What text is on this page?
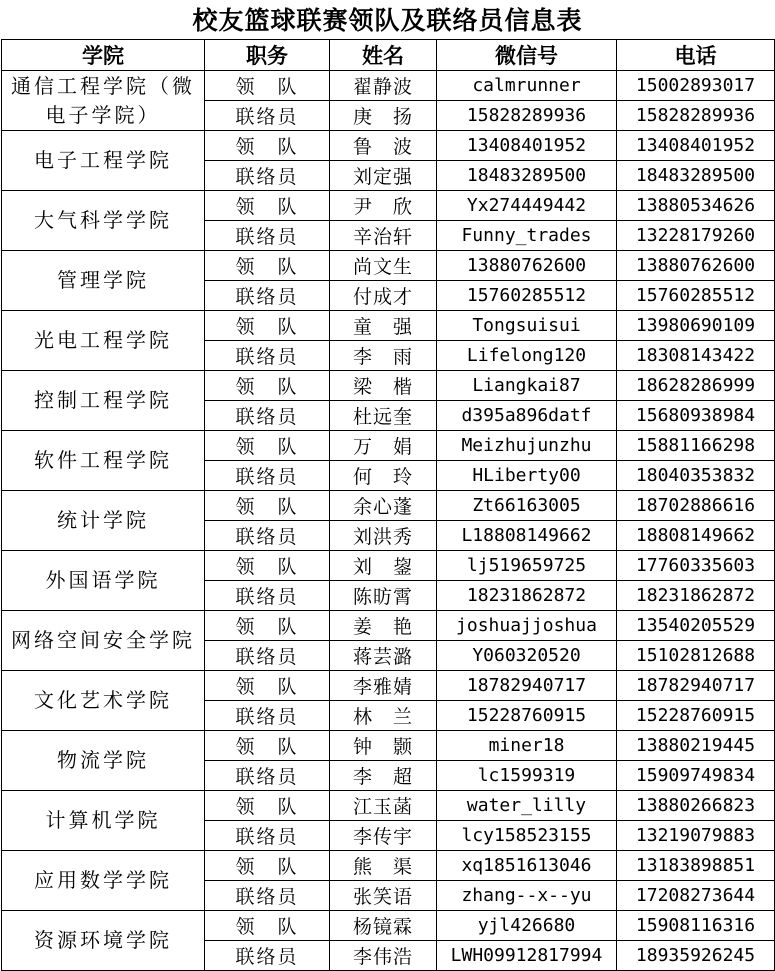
校友篮球联赛领队及联络员信息表
学院	职务	姓名	微信号	电话
通信工程学院（微电子学院）	领　队	翟静波	calmrunner	15002893017
	联络员	庚　扬	15828289936	15828289936
电子工程学院	领　队	鲁　波	13408401952	13408401952
	联络员	刘定强	18483289500	18483289500
大气科学学院	领　队	尹　欣	Yx274449442	13880534626
	联络员	辛治轩	Funny_trades	13228179260
管理学院	领　队	尚文生	13880762600	13880762600
	联络员	付成才	15760285512	15760285512
光电工程学院	领　队	童　强	Tongsuisui	13980690109
	联络员	李　雨	Lifelong120	18308143422
控制工程学院	领　队	梁　楷	Liangkai87	18628286999
	联络员	杜远奎	d395a896datf	15680938984
软件工程学院	领　队	万　娟	Meizhujunzhu	15881166298
	联络员	何　玲	HLiberty00	18040353832
统计学院	领　队	余心蓬	Zt66163005	18702886616
	联络员	刘洪秀	L18808149662	18808149662
外国语学院	领　队	刘　鋆	lj519659725	17760335603
	联络员	陈昉霄	18231862872	18231862872
网络空间安全学院	领　队	姜　艳	joshuajjoshua	13540205529
	联络员	蒋芸潞	Y060320520	15102812688
文化艺术学院	领　队	李雅婧	18782940717	18782940717
	联络员	林　兰	15228760915	15228760915
物流学院	领　队	钟　颢	miner18	13880219445
	联络员	李　超	lc1599319	15909749834
计算机学院	领　队	江玉菡	water_lilly	13880266823
	联络员	李传宇	lcy158523155	13219079883
应用数学学院	领　队	熊　渠	xq1851613046	13183898851
	联络员	张笑语	zhang--x--yu	17208273644
资源环境学院	领　队	杨镜霖	yjl426680	15908116316
	联络员	李伟浩	LWH09912817994	18935926245
